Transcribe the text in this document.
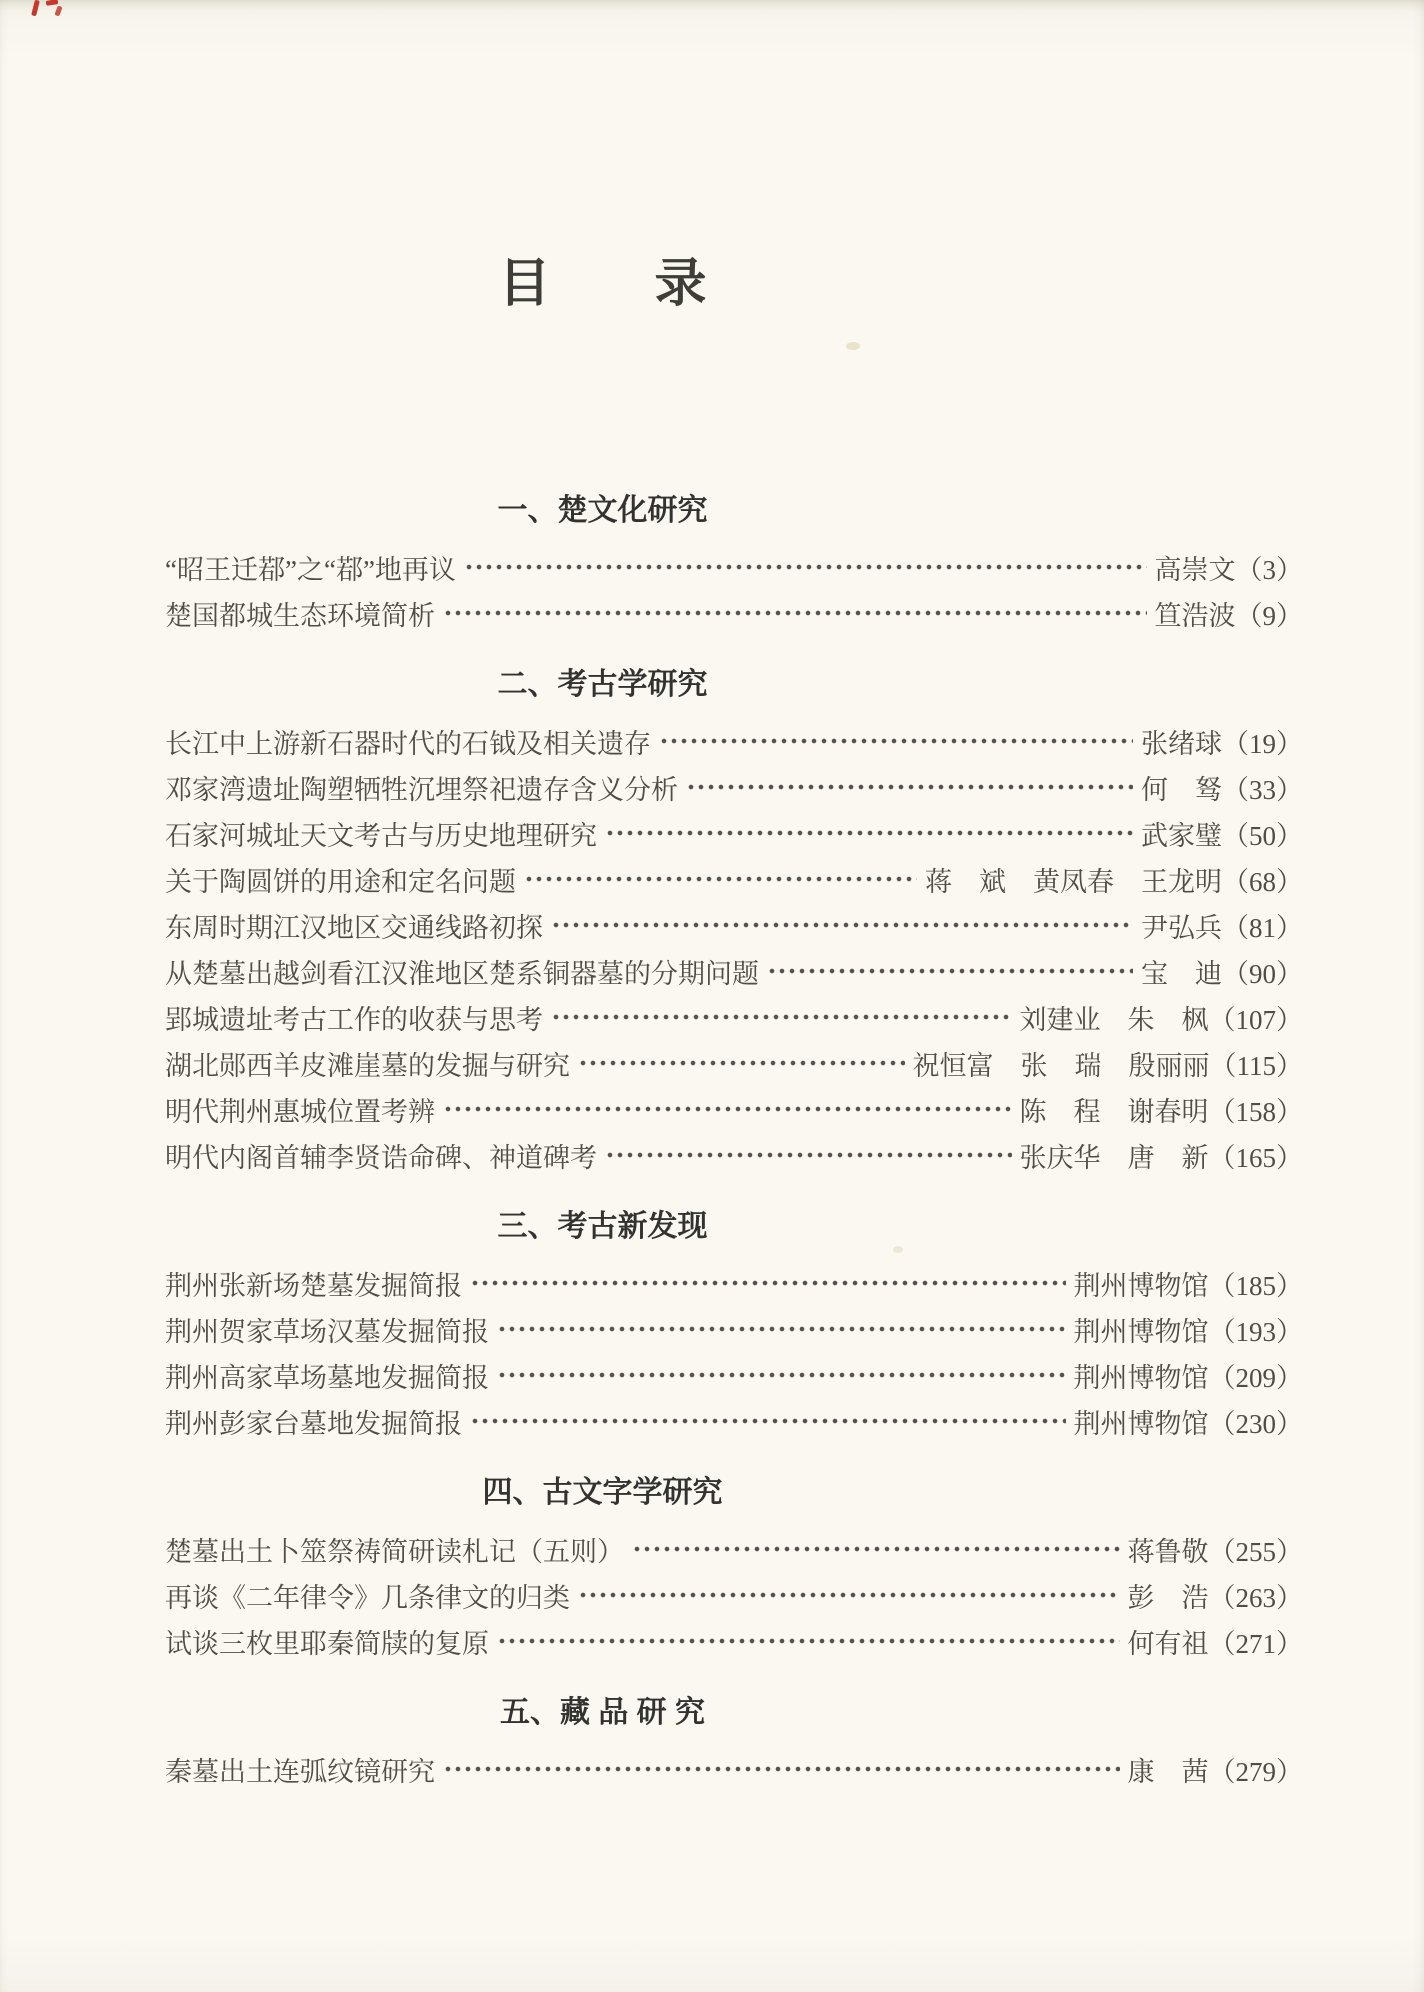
目　　录
一、楚文化研究
“昭王迁鄀”之“鄀”地再议	高崇文（3）
楚国都城生态环境简析	笪浩波（9）
二、考古学研究
长江中上游新石器时代的石钺及相关遗存	张绪球（19）
邓家湾遗址陶塑牺牲沉埋祭祀遗存含义分析	何　驽（33）
石家河城址天文考古与历史地理研究	武家璧（50）
关于陶圆饼的用途和定名问题	蒋　斌　黄凤春　王龙明（68）
东周时期江汉地区交通线路初探	尹弘兵（81）
从楚墓出越剑看江汉淮地区楚系铜器墓的分期问题	宝　迪（90）
郢城遗址考古工作的收获与思考	刘建业　朱　枫（107）
湖北郧西羊皮滩崖墓的发掘与研究	祝恒富　张　瑞　殷丽丽（115）
明代荆州惠城位置考辨	陈　程　谢春明（158）
明代内阁首辅李贤诰命碑、神道碑考	张庆华　唐　新（165）
三、考古新发现
荆州张新场楚墓发掘简报	荆州博物馆（185）
荆州贺家草场汉墓发掘简报	荆州博物馆（193）
荆州高家草场墓地发掘简报	荆州博物馆（209）
荆州彭家台墓地发掘简报	荆州博物馆（230）
四、古文字学研究
楚墓出土卜筮祭祷简研读札记（五则）	蒋鲁敬（255）
再谈《二年律令》几条律文的归类	彭　浩（263）
试谈三枚里耶秦简牍的复原	何有祖（271）
五、藏 品 研 究
秦墓出土连弧纹镜研究	康　茜（279）
